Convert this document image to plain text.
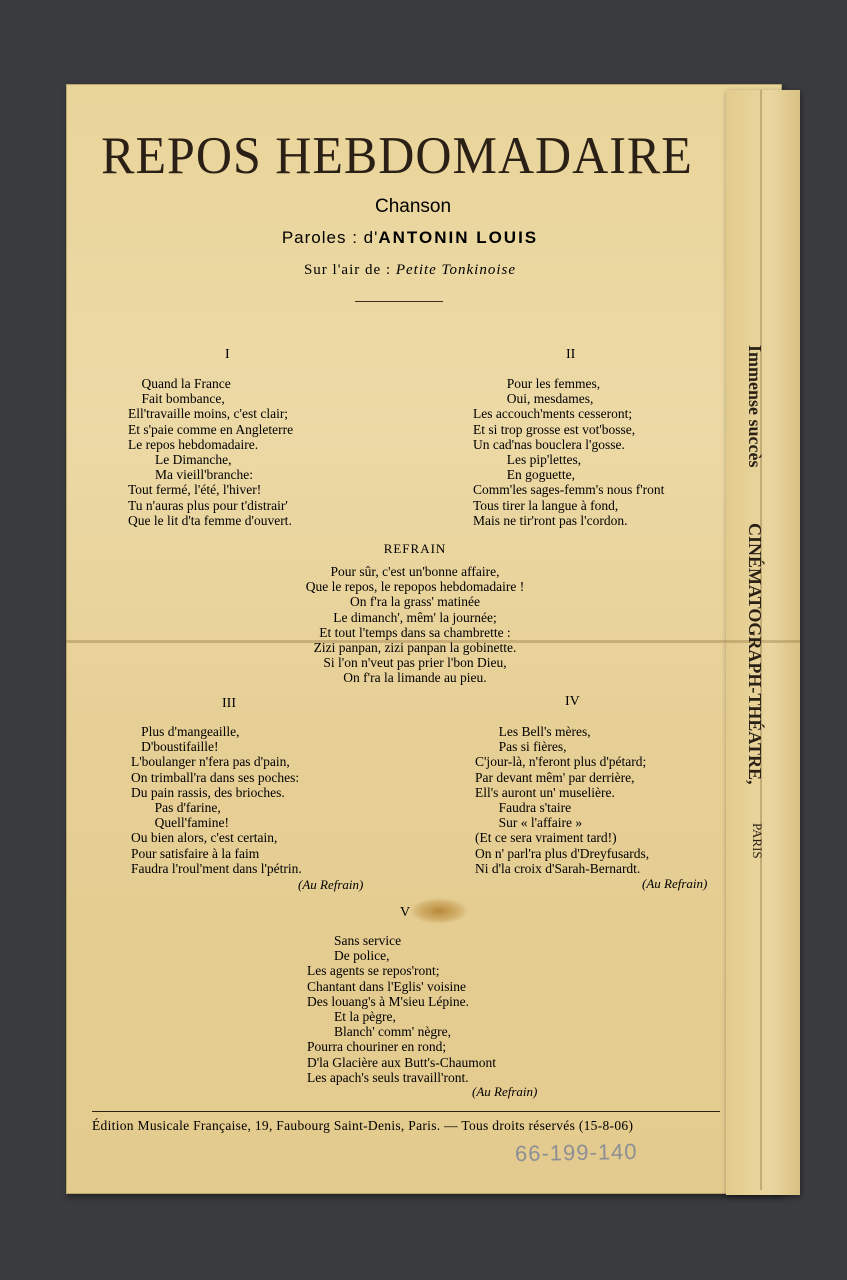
REPOS HEBDOMADAIRE
Chanson
Paroles : d'ANTONIN LOUIS
Sur l'air de : Petite Tonkinoise
I
Quand la France
Fait bombance,
Ell'travaille moins, c'est clair;
Et s'paie comme en Angleterre
Le repos hebdomadaire.
Le Dimanche,
Ma vieill'branche:
Tout fermé, l'été, l'hiver!
Tu n'auras plus pour t'distrair'
Que le lit d'ta femme d'ouvert.
II
Pour les femmes,
Oui, mesdames,
Les accouch'ments cesseront;
Et si trop grosse est vot'bosse,
Un cad'nas bouclera l'gosse.
Les pip'lettes,
En goguette,
Comm'les sages-femm's nous f'ront
Tous tirer la langue à fond,
Mais ne tir'ront pas l'cordon.
REFRAIN
Pour sûr, c'est un'bonne affaire,
Que le repos, le repopos hebdomadaire !
On f'ra la grass' matinée
Le dimanch', mêm' la journée;
Et tout l'temps dans sa chambrette :
Zizi panpan, zizi panpan la gobinette.
Si l'on n'veut pas prier l'bon Dieu,
On f'ra la limande au pieu.
III
Plus d'mangeaille,
D'boustifaille!
L'boulanger n'fera pas d'pain,
On trimball'ra dans ses poches:
Du pain rassis, des brioches.
Pas d'farine,
Quell'famine!
Ou bien alors, c'est certain,
Pour satisfaire à la faim
Faudra l'roul'ment dans l'pétrin.
(Au Refrain)
IV
Les Bell's mères,
Pas si fières,
C'jour-là, n'feront plus d'pétard;
Par devant mêm' par derrière,
Ell's auront un' muselière.
Faudra s'taire
Sur « l'affaire »
(Et ce sera vraiment tard!)
On n' parl'ra plus d'Dreyfusards,
Ni d'la croix d'Sarah-Bernardt.
(Au Refrain)
V
Sans service
De police,
Les agents se repos'ront;
Chantant dans l'Eglis' voisine
Des louang's à M'sieu Lépine.
Et la pègre,
Blanch' comm' nègre,
Pourra chouriner en rond;
D'la Glacière aux Butt's-Chaumont
Les apach's seuls travaill'ront.
(Au Refrain)
Édition Musicale Française, 19, Faubourg Saint-Denis, Paris. — Tous droits réservés (15-8-06)
66-199-140
Immense succès
CINÉMATOGRAPH-THÉATRE,
PARIS
